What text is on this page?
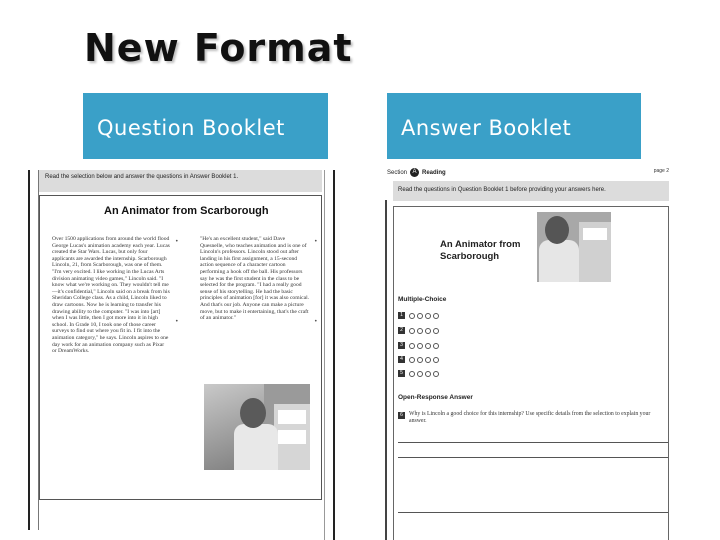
New Format
Question Booklet	Answer Booklet
Read the selection below and answer the questions in Answer Booklet 1.
An Animator from Scarborough
Over 1500 applications from around the world flood George Lucas's animation academy each year. Lucas created the Star Wars. Lucas, but only four applicants are awarded the internship. Scarborough Lincoln, 21, from Scarborough, was one of them. "I'm very excited. I like working in the Lucas Arts division animating video games," Lincoln said. "I know what we're working on. They wouldn't tell me—it's confidential," Lincoln said on a break from his Sheridan College class. As a child, Lincoln liked to draw cartoons. Now he is learning to transfer his drawing ability to the computer. "I was into [art] when I was little, then I got more into it in high school. In Grade 10, I took one of those career surveys to find out where you fit in. I fit into the animation category," he says. Lincoln aspires to one day work for an animation company such as Pixar or DreamWorks.
"He's an excellent student," said Dave Quesnelle, who teaches animation and is one of Lincoln's professors. Lincoln stood out after landing in his first assignment, a 15-second action sequence of a character cartoon performing a hook off the ball. His professors say he was the first student in the class to be selected for the program. "I had a really good sense of his storytelling. He had the basic principles of animation [for] it was also comical. And that's our job. Anyone can make a picture move, but to make it entertaining, that's the craft of an animator."
•
•
•
•
Section A Reading	page 2
Read the questions in Question Booklet 1 before providing your answers here.
An Animator from Scarborough
Multiple-Choice
1
2
3
4
5
Open-Response Answer
6	Why is Lincoln a good choice for this internship? Use specific details from the selection to explain your answer.
